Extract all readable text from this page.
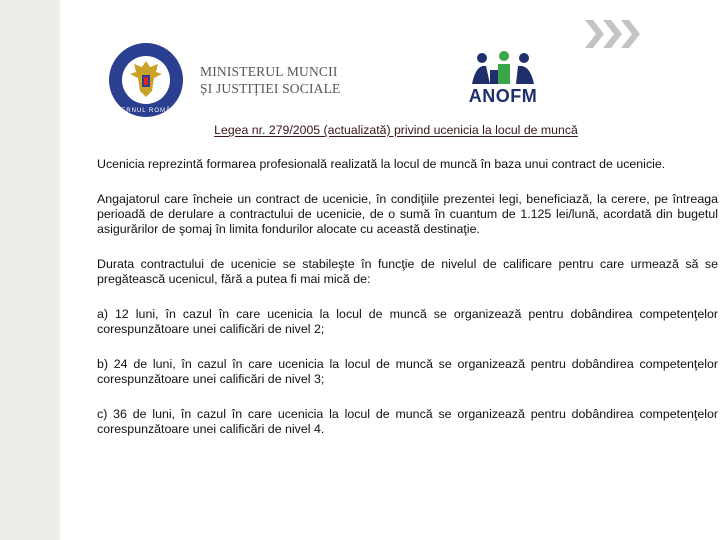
GUVERNUL ROMÂNIEI
MINISTERUL MUNCII
ȘI JUSTIȚIEI SOCIALE	ANOFM
Legea nr. 279/2005 (actualizată) privind ucenicia la locul de muncă

Ucenicia reprezintă formarea profesională realizată la locul de muncă în baza unui contract de ucenicie.

Angajatorul care încheie un contract de ucenicie, în condiţiile prezentei legi, beneficiază, la cerere, pe întreaga perioadă de derulare a contractului de ucenicie, de o sumă în cuantum de 1.125 lei/lună, acordată din bugetul asigurărilor de şomaj în limita fondurilor alocate cu această destinaţie.

Durata contractului de ucenicie se stabileşte în funcţie de nivelul de calificare pentru care urmează să se pregătească ucenicul, fără a putea fi mai mică de:

a) 12 luni, în cazul în care ucenicia la locul de muncă se organizează pentru dobândirea competenţelor corespunzătoare unei calificări de nivel 2;

b) 24 de luni, în cazul în care ucenicia la locul de muncă se organizează pentru dobândirea competenţelor corespunzătoare unei calificări de nivel 3;

c) 36 de luni, în cazul în care ucenicia la locul de muncă se organizează pentru dobândirea competenţelor corespunzătoare unei calificări de nivel 4.
